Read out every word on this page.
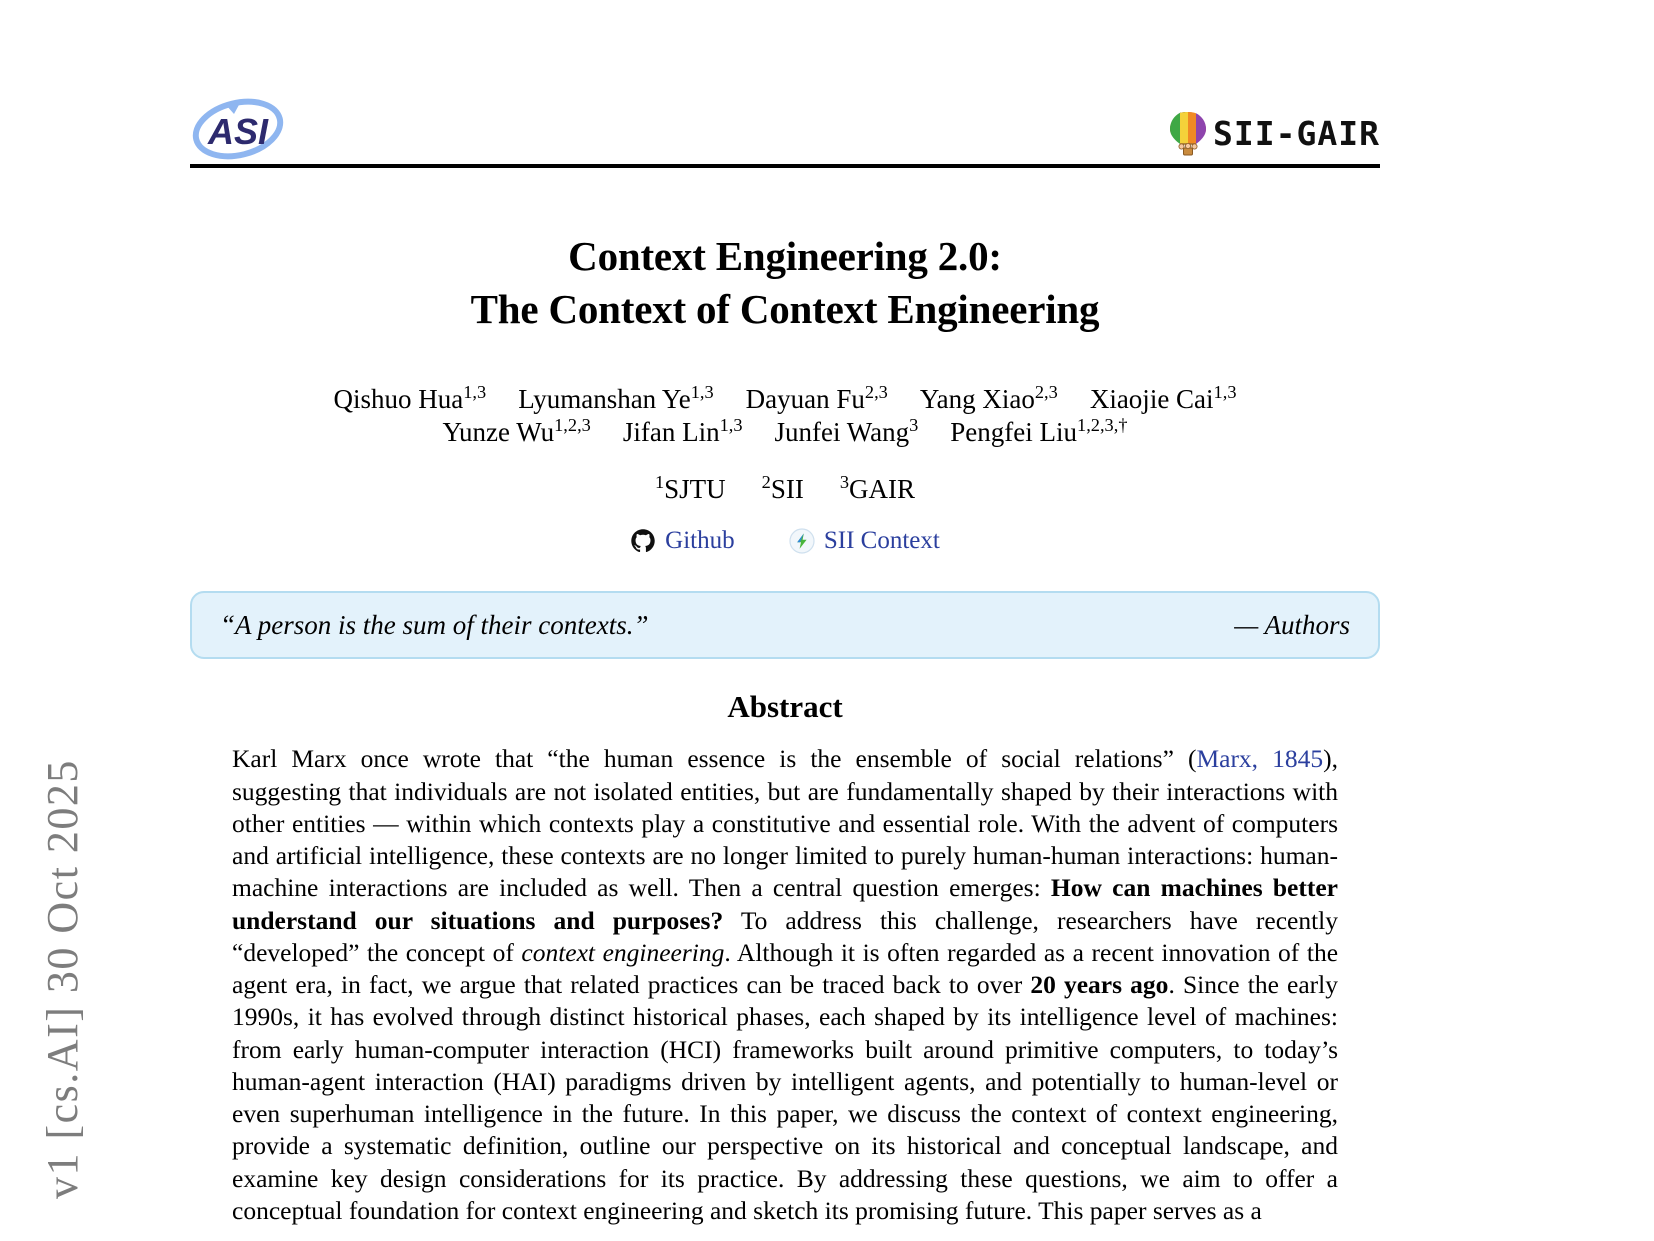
v1 [cs.AI] 30 Oct 2025
ASI	SII-GAIR
Context Engineering 2.0:
The Context of Context Engineering
Qishuo Hua$^{1,3}$ Lyumanshan Ye$^{1,3}$ Dayuan Fu$^{2,3}$ Yang Xiao$^{2,3}$ Xiaojie Cai$^{1,3}$
Yunze Wu$^{1,2,3}$ Jifan Lin$^{1,3}$ Junfei Wang$^3$ Pengfei Liu$^{1,2,3,\dagger}$
$^1$SJTU $^2$SII $^3$GAIR
Github
	SII Context
“A person is the sum of their contexts.”	— Authors
Abstract
Karl Marx once wrote that “the human essence is the ensemble of social relations” (Marx, 1845), suggesting that individuals are not isolated entities, but are fundamentally shaped by their interactions with other entities — within which contexts play a constitutive and essential role. With the advent of computers and artificial intelligence, these contexts are no longer limited to purely human-human interactions: human-machine interactions are included as well. Then a central question emerges: How can machines better understand our situations and purposes? To address this challenge, researchers have recently “developed” the concept of context engineering. Although it is often regarded as a recent innovation of the agent era, in fact, we argue that related practices can be traced back to over 20 years ago. Since the early 1990s, it has evolved through distinct historical phases, each shaped by its intelligence level of machines: from early human-computer interaction (HCI) frameworks built around primitive computers, to today’s human-agent interaction (HAI) paradigms driven by intelligent agents, and potentially to human-level or even superhuman intelligence in the future. In this paper, we discuss the context of context engineering, provide a systematic definition, outline our perspective on its historical and conceptual landscape, and examine key design considerations for its practice. By addressing these questions, we aim to offer a conceptual foundation for context engineering and sketch its promising future. This paper serves as a
